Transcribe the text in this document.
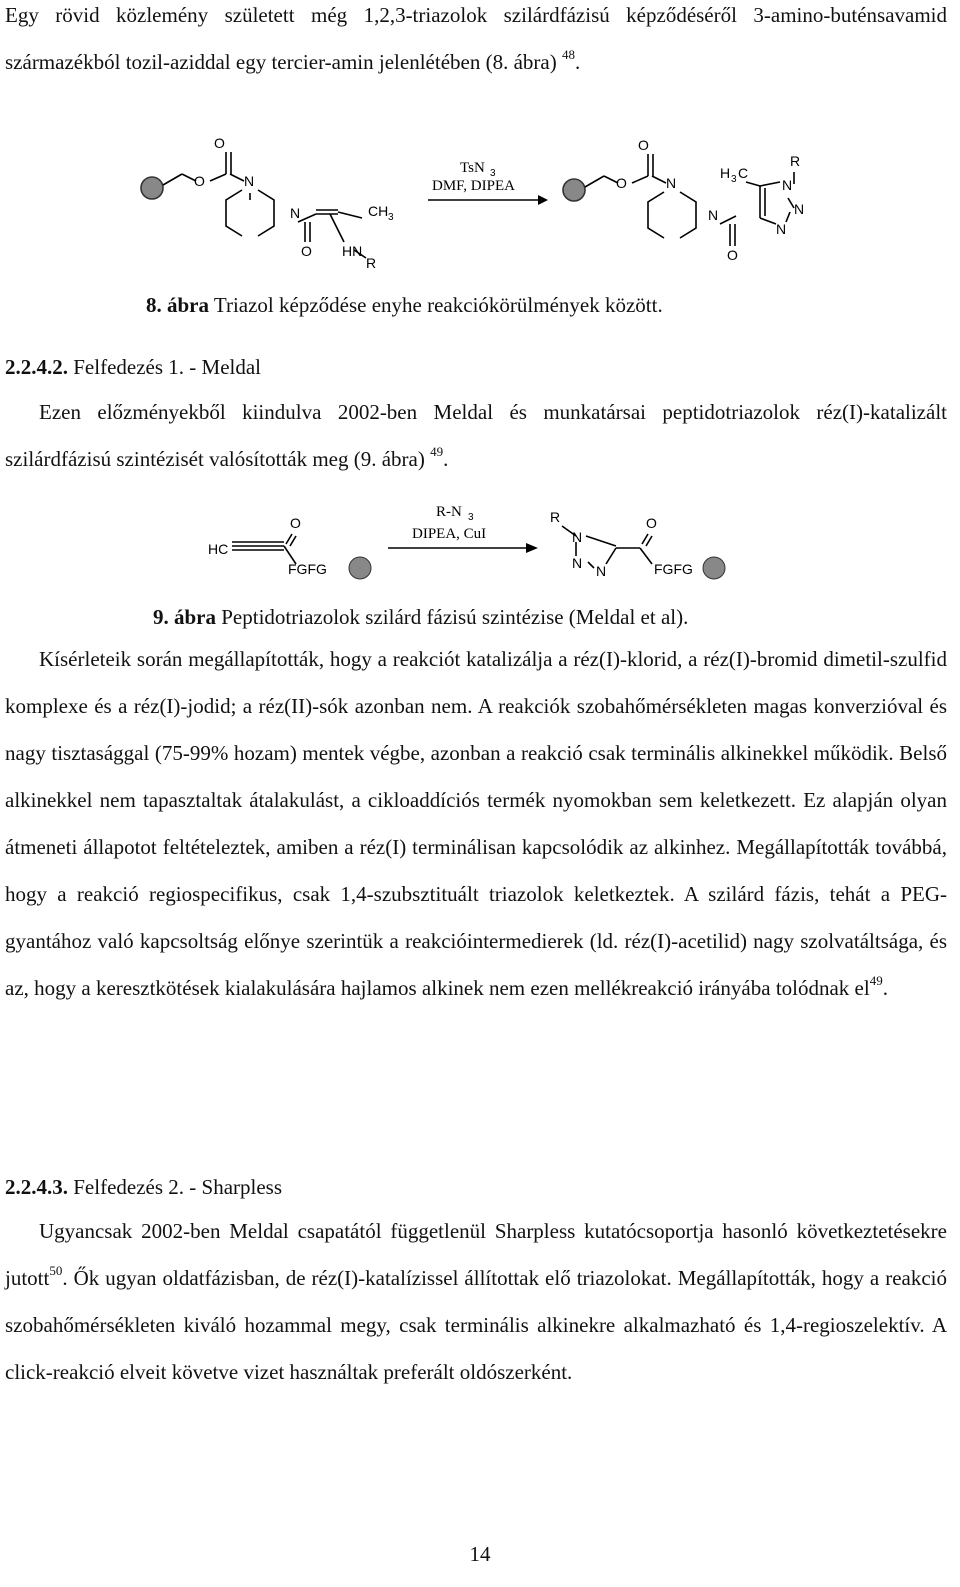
Egy rövid közlemény született még 1,2,3-triazolok szilárdfázisú képződéséről 3-amino-buténsavamid származékból tozil-aziddal egy tercier-amin jelenlétében (8. ábra) $^{48}$.

O
O	N
N
O
CH 3
HN
R
TsN 3
DMF, DIPEA
O
O	N
N
O
H 3 C
R
N
N
N

8. ábra Triazol képződése enyhe reakciókörülmények között.

2.2.4.2. Felfedezés 1. - Meldal

Ezen előzményekből kiindulva 2002-ben Meldal és munkatársai peptidotriazolok réz(I)-katalizált szilárdfázisú szintézisét valósították meg (9. ábra) $^{49}$.

HC
O
FGFG
R-N 3
DIPEA, CuI
R
N
N N
O
FGFG

9. ábra Peptidotriazolok szilárd fázisú szintézise (Meldal et al).

Kísérleteik során megállapították, hogy a reakciót katalizálja a réz(I)-klorid, a réz(I)-bromid dimetil-szulfid komplexe és a réz(I)-jodid; a réz(II)-sók azonban nem. A reakciók szobahőmérsékleten magas konverzióval és nagy tisztasággal (75-99% hozam) mentek végbe, azonban a reakció csak terminális alkinekkel működik. Belső alkinekkel nem tapasztaltak átalakulást, a cikloaddíciós termék nyomokban sem keletkezett. Ez alapján olyan átmeneti állapotot feltételeztek, amiben a réz(I) terminálisan kapcsolódik az alkinhez. Megállapították továbbá, hogy a reakció regiospecifikus, csak 1,4-szubsztituált triazolok keletkeztek. A szilárd fázis, tehát a PEG-gyantához való kapcsoltság előnye szerintük a reakcióintermedierek (ld. réz(I)-acetilid) nagy szolvatáltsága, és az, hogy a keresztkötések kialakulására hajlamos alkinek nem ezen mellékreakció irányába tolódnak $el^{49}$.

2.2.4.3. Felfedezés 2. - Sharpless

Ugyancsak 2002-ben Meldal csapatától függetlenül Sharpless kutatócsoportja hasonló következtetésekre jutott$^{50}$. Ők ugyan oldatfázisban, de réz(I)-katalízissel állítottak elő triazolokat. Megállapították, hogy a reakció szobahőmérsékleten kiváló hozammal megy, csak terminális alkinekre alkalmazható és 1,4-regioszelektív. A click-reakció elveit követve vizet használtak preferált oldószerként.

14
